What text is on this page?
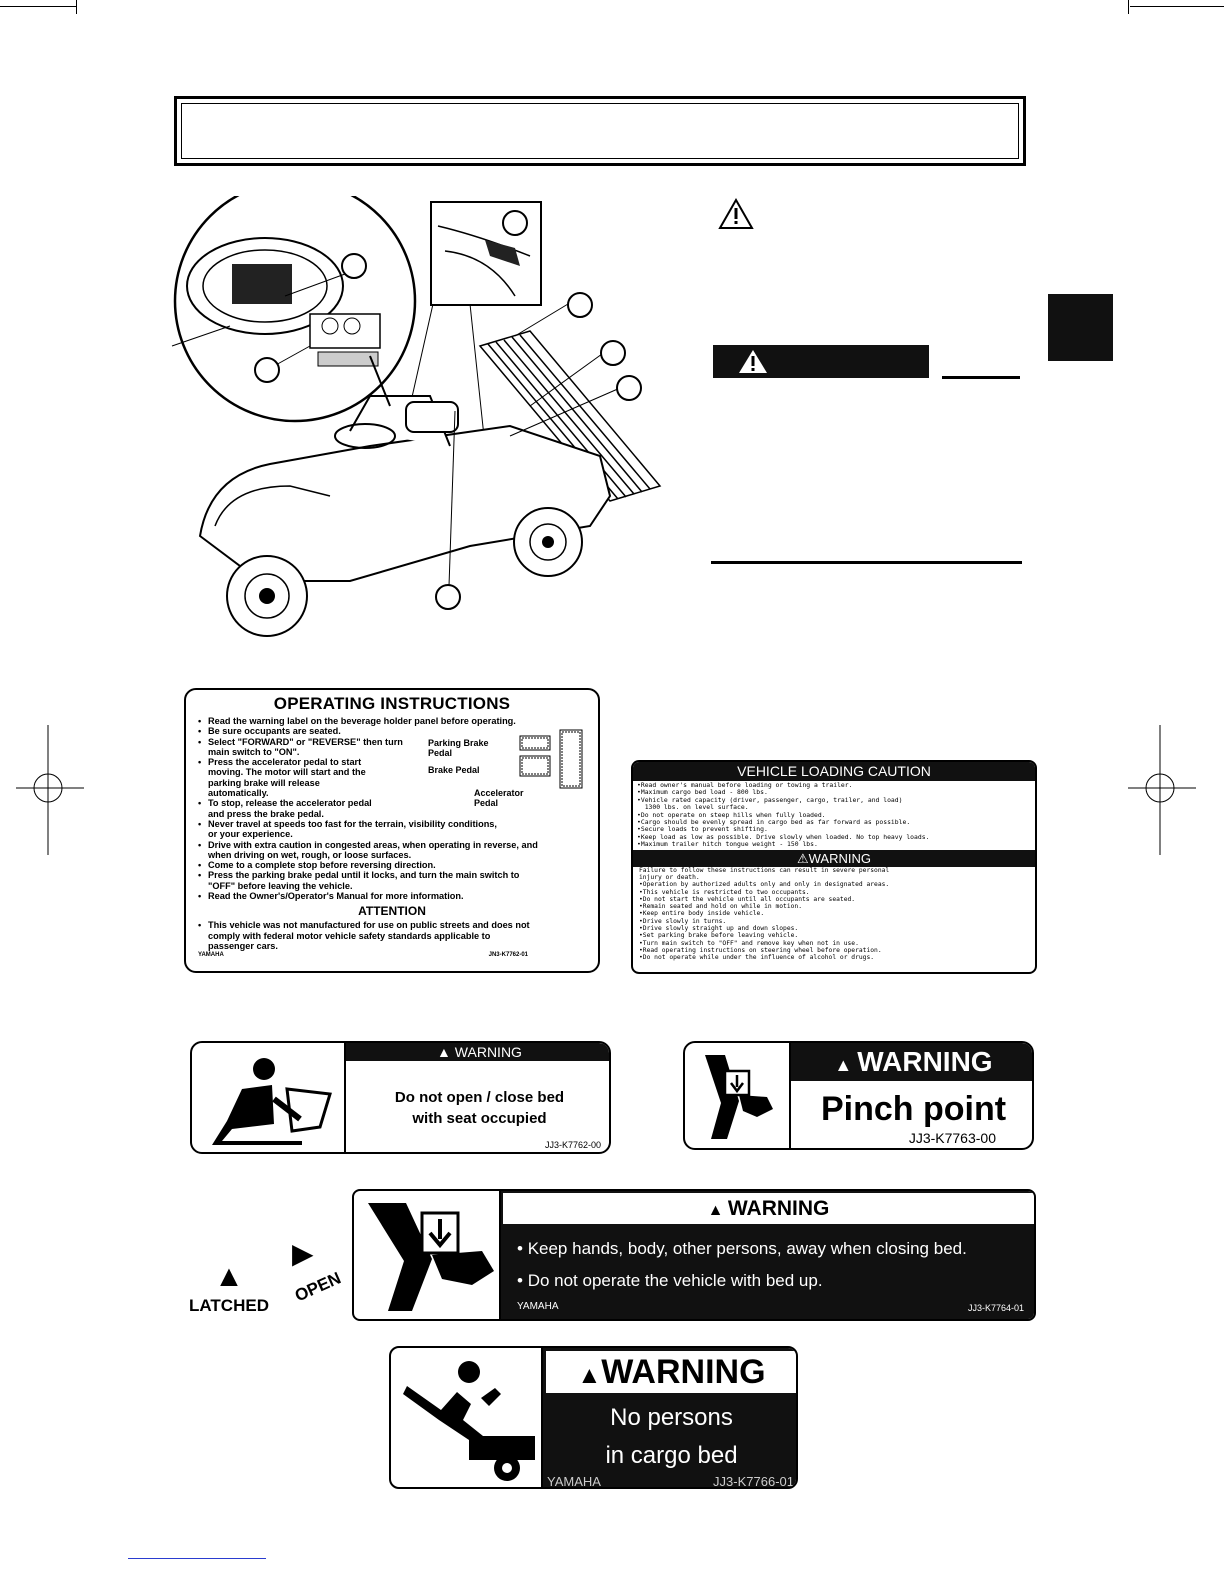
OPERATING INSTRUCTIONS
• Read the warning label on the beverage holder panel before operating.
• Be sure occupants are seated.
• Select "FORWARD" or "REVERSE" then turn main switch to "ON".
• Press the accelerator pedal to start moving. The motor will start and the parking brake will release automatically.
• To stop, release the accelerator pedal and press the brake pedal.
• Never travel at speeds too fast for the terrain, visibility conditions, or your experience.
• Drive with extra caution in congested areas, when operating in reverse, and when driving on wet, rough, or loose surfaces.
• Come to a complete stop before reversing direction.
• Press the parking brake pedal until it locks, and turn the main switch to "OFF" before leaving the vehicle.
• Read the Owner's/Operator's Manual for more information.
ATTENTION
• This vehicle was not manufactured for use on public streets and does not comply with federal motor vehicle safety standards applicable to passenger cars.
YAMAHA	JN3-K7762-01
Parking Brake Pedal
Brake Pedal
Accelerator Pedal
VEHICLE LOADING CAUTION
•Read owner's manual before loading or towing a trailer.
•Maximum cargo bed load - 800 lbs.
•Vehicle rated capacity (driver, passenger, cargo, trailer, and load)
1300 lbs. on level surface.
•Do not operate on steep hills when fully loaded.
•Cargo should be evenly spread in cargo bed as far forward as possible.
•Secure loads to prevent shifting.
•Keep load as low as possible. Drive slowly when loaded. No top heavy loads.
•Maximum trailer hitch tongue weight - 150 lbs.
⚠WARNING
Failure to follow these instructions can result in severe personal
injury or death.
•Operation by authorized adults only and only in designated areas.
•This vehicle is restricted to two occupants.
•Do not start the vehicle until all occupants are seated.
•Remain seated and hold on while in motion.
•Keep entire body inside vehicle.
•Drive slowly in turns.
•Drive slowly straight up and down slopes.
•Set parking brake before leaving vehicle.
•Turn main switch to "OFF" and remove key when not in use.
•Read operating instructions on steering wheel before operation.
•Do not operate while under the influence of alcohol or drugs.
▲ WARNING
Do not open / close bed
with seat occupied
JJ3-K7762-00
▲ WARNING
Pinch point
JJ3-K7763-00
▲
LATCHED
▶
OPEN
▲ WARNING
• Keep hands, body, other persons, away when closing bed.
• Do not operate the vehicle with bed up.
YAMAHA	JJ3-K7764-01
▲WARNING
No persons
in cargo bed
YAMAHA	JJ3-K7766-01
